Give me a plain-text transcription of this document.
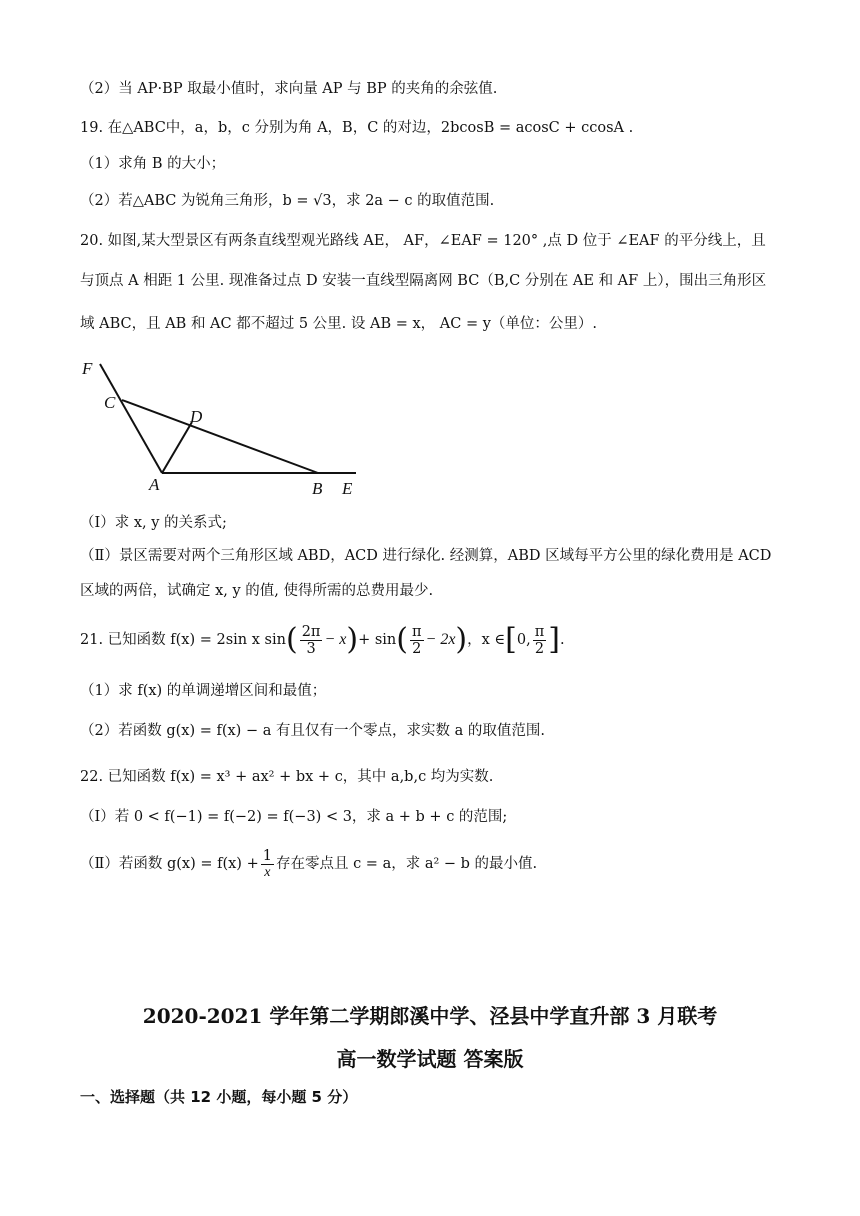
（2）当 AP·BP 取最小值时，求向量 AP 与 BP 的夹角的余弦值.
19. 在△ABC中，a，b，c 分别为角 A，B，C 的对边，2bcosB = acosC + ccosA .
（1）求角 B 的大小；
（2）若△ABC 为锐角三角形，b = √3，求 2a − c 的取值范围.
20. 如图,某大型景区有两条直线型观光路线 AE， AF，∠EAF = 120° ,点 D 位于 ∠EAF 的平分线上，且
与顶点 A 相距 1 公里. 现准备过点 D 安装一直线型隔离网 BC（B,C 分别在 AE 和 AF 上），围出三角形区
域 ABC，且 AB 和 AC 都不超过 5 公里. 设 AB = x， AC = y（单位：公里）.
F
C
D
A	B E
（Ⅰ）求 x, y 的关系式;
（Ⅱ）景区需要对两个三角形区域 ABD，ACD 进行绿化. 经测算，ABD 区域每平方公里的绿化费用是 ACD
区域的两倍，试确定 x, y 的值, 使得所需的总费用最少.
21. 已知函数 f(x) = 2sin x sin ( $\frac{2\pi}{3} - x$ ) + sin ( $\frac{\pi}{2} - 2x$ ) ，x ∈ [ 0, $\frac{\pi}{2}$ ] .
（1）求 f(x) 的单调递增区间和最值；
（2）若函数 g(x) = f(x) − a 有且仅有一个零点，求实数 a 的取值范围.
22. 已知函数 f(x) = x³ + ax² + bx + c，其中 a,b,c 均为实数.
（Ⅰ）若 0 < f(−1) = f(−2) = f(−3) < 3，求 a + b + c 的范围;
（Ⅱ）若函数 $g(x) = f(x) + \frac{1}{x}$ 存在零点且 c = a，求 a² − b 的最小值.
2020-2021 学年第二学期郎溪中学、泾县中学直升部 3 月联考
高一数学试题 答案版
一、选择题（共 12 小题，每小题 5 分）
